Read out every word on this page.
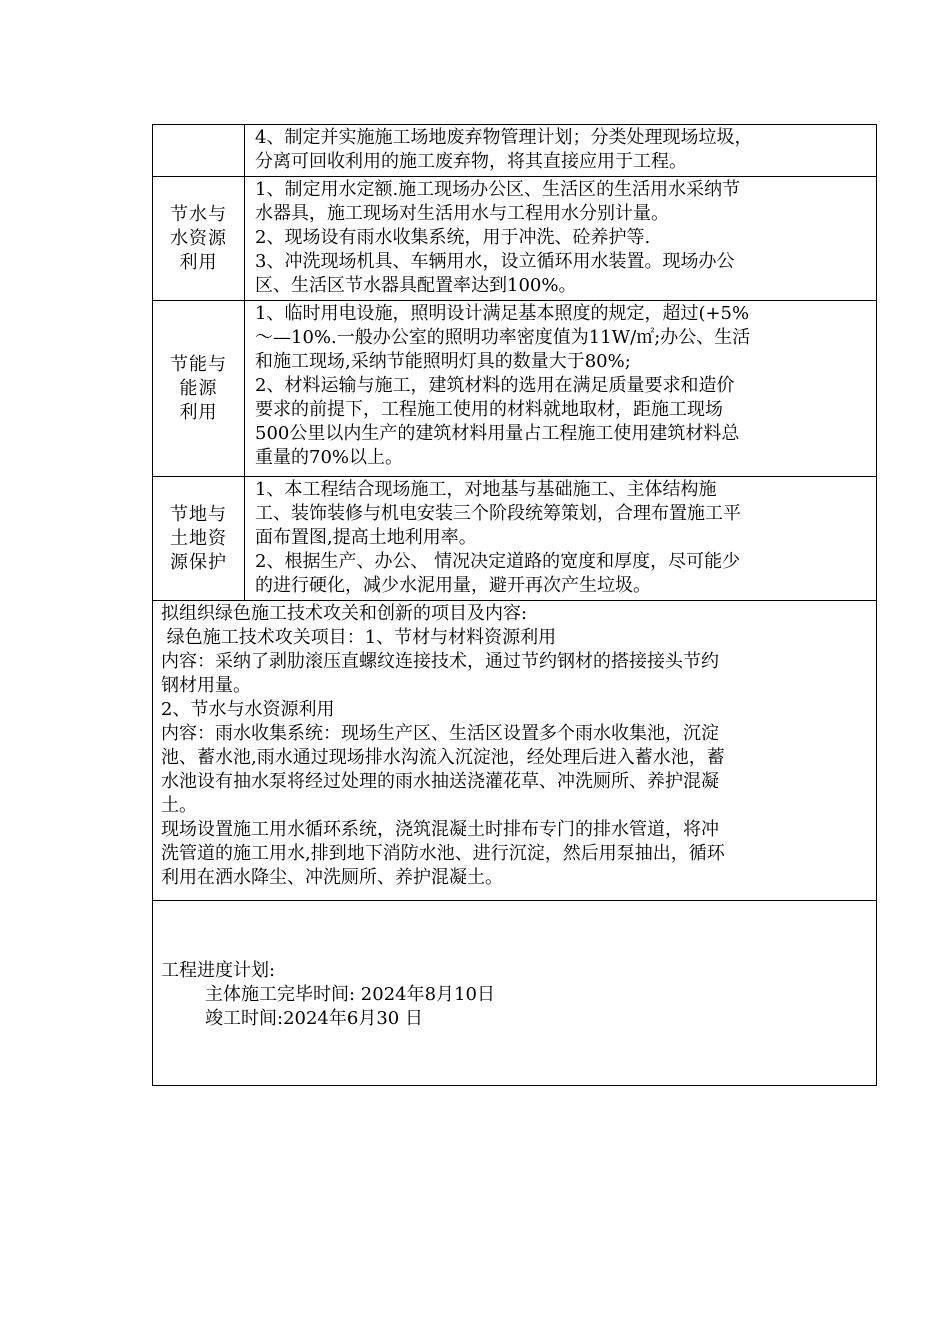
4、制定并实施施工场地废弃物管理计划；分类处理现场垃圾，
分离可回收利用的施工废弃物，将其直接应用于工程。
节水与
水资源
利用
1、制定用水定额.施工现场办公区、生活区的生活用水采纳节
水器具，施工现场对生活用水与工程用水分别计量。
2、现场设有雨水收集系统，用于冲洗、砼养护等.
3、冲洗现场机具、车辆用水，设立循环用水装置。现场办公
区、生活区节水器具配置率达到100%。
节能与
能源
利用
1、临时用电设施，照明设计满足基本照度的规定，超过(+5%
～—10%.一般办公室的照明功率密度值为11W/㎡;办公、生活
和施工现场,采纳节能照明灯具的数量大于80%;
2、材料运输与施工，建筑材料的选用在满足质量要求和造价
要求的前提下，工程施工使用的材料就地取材，距施工现场
500公里以内生产的建筑材料用量占工程施工使用建筑材料总
重量的70%以上。
节地与
土地资
源保护
1、本工程结合现场施工，对地基与基础施工、主体结构施
工、装饰装修与机电安装三个阶段统筹策划，合理布置施工平
面布置图,提高土地利用率。
2、根据生产、办公、 情况决定道路的宽度和厚度，尽可能少
的进行硬化，减少水泥用量，避开再次产生垃圾。
拟组织绿色施工技术攻关和创新的项目及内容:
绿色施工技术攻关项目：1、节材与材料资源利用
内容：采纳了剥肋滚压直螺纹连接技术，通过节约钢材的搭接接头节约
钢材用量。
2、节水与水资源利用
内容：雨水收集系统：现场生产区、生活区设置多个雨水收集池，沉淀
池、蓄水池,雨水通过现场排水沟流入沉淀池，经处理后进入蓄水池，蓄
水池设有抽水泵将经过处理的雨水抽送浇灌花草、冲洗厕所、养护混凝
土。
现场设置施工用水循环系统，浇筑混凝土时排布专门的排水管道，将冲
洗管道的施工用水,排到地下消防水池、进行沉淀，然后用泵抽出，循环
利用在洒水降尘、冲洗厕所、养护混凝土。
工程进度计划:
主体施工完毕时间: 2024年8月10日
竣工时间:2024年6月30 日
